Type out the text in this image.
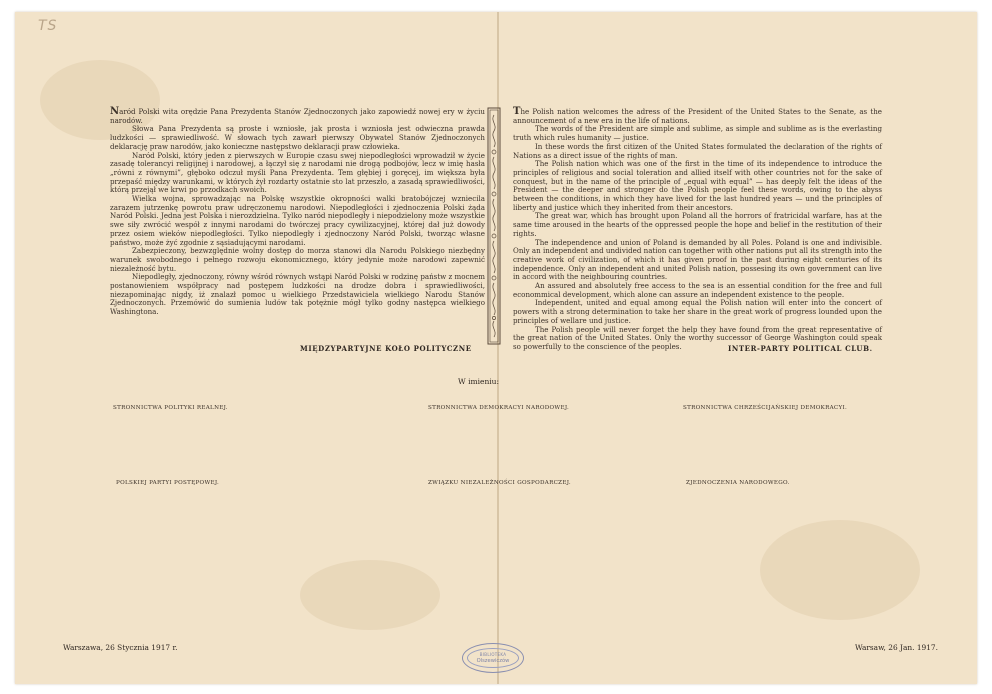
TS

Naród Polski wita orędzie Pana Prezydenta Stanów Zjednoczonych jako zapowiedź nowej ery w życiu narodów.

Słowa Pana Prezydenta są proste i wzniosłe, jak prosta i wzniosła jest odwieczna prawda ludzkości — sprawiedliwość. W słowach tych zawarł pierwszy Obywatel Stanów Zjednoczonych deklarację praw narodów, jako konieczne następstwo deklaracji praw człowieka.

Naród Polski, który jeden z pierwszych w Europie czasu swej niepodległości wprowadził w życie zasadę tolerancyi religijnej i narodowej, a łączył się z narodami nie drogą podbojów, lecz w imię hasła „równi z równymi”, głęboko odczuł myśli Pana Prezydenta. Tem głębiej i goręcej, im większa była przepaść między warunkami, w których żył rozdarty ostatnie sto lat przeszło, a zasadą sprawiedliwości, którą przejął we krwi po przodkach swoich.

Wielka wojna, sprowadzając na Polskę wszystkie okropności walki bratobójczej wzniecila zarazem jutrzenkę powrotu praw udręczonemu narodowi. Niepodległości i zjednoczenia Polski żąda Naród Polski. Jedna jest Polska i nierozdzielna. Tylko naród niepodległy i niepodzielony może wszystkie swe siły zwrócić wespół z innymi narodami do twórczej pracy cywilizacyjnej, której dał już dowody przez osiem wieków niepodległości. Tylko niepodległy i zjednoczony Naród Polski, tworząc własne państwo, może żyć zgodnie z sąsiadującymi narodami.

Zabezpieczony, bezwzględnie wolny dostęp do morza stanowi dla Narodu Polskiego niezbędny warunek swobodnego i pełnego rozwoju ekonomicznego, który jedynie może narodowi zapewnić niezależność bytu.

Niepodległy, zjednoczony, równy wśród równych wstąpi Naród Polski w rodzinę państw z mocnem postanowieniem współpracy nad postępem ludzkości na drodze dobra i sprawiedliwości, niezapominając nigdy, iż znalazł pomoc u wielkiego Przedstawiciela wielkiego Narodu Stanów Zjednoczonych. Przemówić do sumienia ludów tak potężnie mógł tylko godny następca wielkiego Washingtona.

The Polish nation welcomes the adress of the President of the United States to the Senate, as the announcement of a new era in the life of nations.

The words of the President are simple and sublime, as simple and sublime as is the everlasting truth which rules humanity — justice.

In these words the first citizen of the United States formulated the declaration of the rights of Nations as a direct issue of the rights of man.

The Polish nation which was one of the first in the time of its independence to introduce the principles of religious and social toleration and allied itself with other countries not for the sake of conquest, but in the name of the principle of „equal with equal” — has deeply felt the ideas of the President — the deeper and stronger do the Polish people feel these words, owing to the abyss between the conditions, in which they have lived for the last hundred years — und the principles of liberty and justice which they inherited from their ancestors.

The great war, which has brought upon Poland all the horrors of fratricidal warfare, has at the same time aroused in the hearts of the oppressed people the hope and belief in the restitution of their rights.

The independence and union of Poland is demanded by all Poles. Poland is one and indivisible. Only an independent and undivided nation can together with other nations put all its strength into the creative work of civilization, of which it has given proof in the past during eight centuries of its independence. Only an independent and united Polish nation, possesing its own government can live in accord with the neighbouring countries.

An assured and absolutely free access to the sea is an essential condition for the free and full econommical development, which alone can assure an independent existence to the people.

Independent, united and equal among equal the Polish nation will enter into the concert of powers with a strong determination to take her share in the great work of progress lounded upon the principles of wellare und justice.

The Polish people will never forget the help they have found from the great representative of the great nation of the United States. Only the worthy successor of George Washington could speak so powerfully to the conscience of the peoples.

MIĘDZYPARTYJNE KOŁO POLITYCZNE	INTER-PARTY POLITICAL CLUB.
W imieniu:
STRONNICTWA POLITYKI REALNEJ.	STRONNICTWA DEMOKRACYI NARODOWEJ.	STRONNICTWA CHRZEŚCIJAŃSKIEJ DEMOKRACYI.
POLSKIEJ PARTYI POSTĘPOWEJ.	ZWIĄZKU NIEZALEŻNOŚCI GOSPODARCZEJ.	ZJEDNOCZENIA NARODOWEGO.
Warszawa, 26 Stycznia 1917 r.	Warsaw, 26 Jan. 1917.
BIBLIOTEKA
Olszewiczów
